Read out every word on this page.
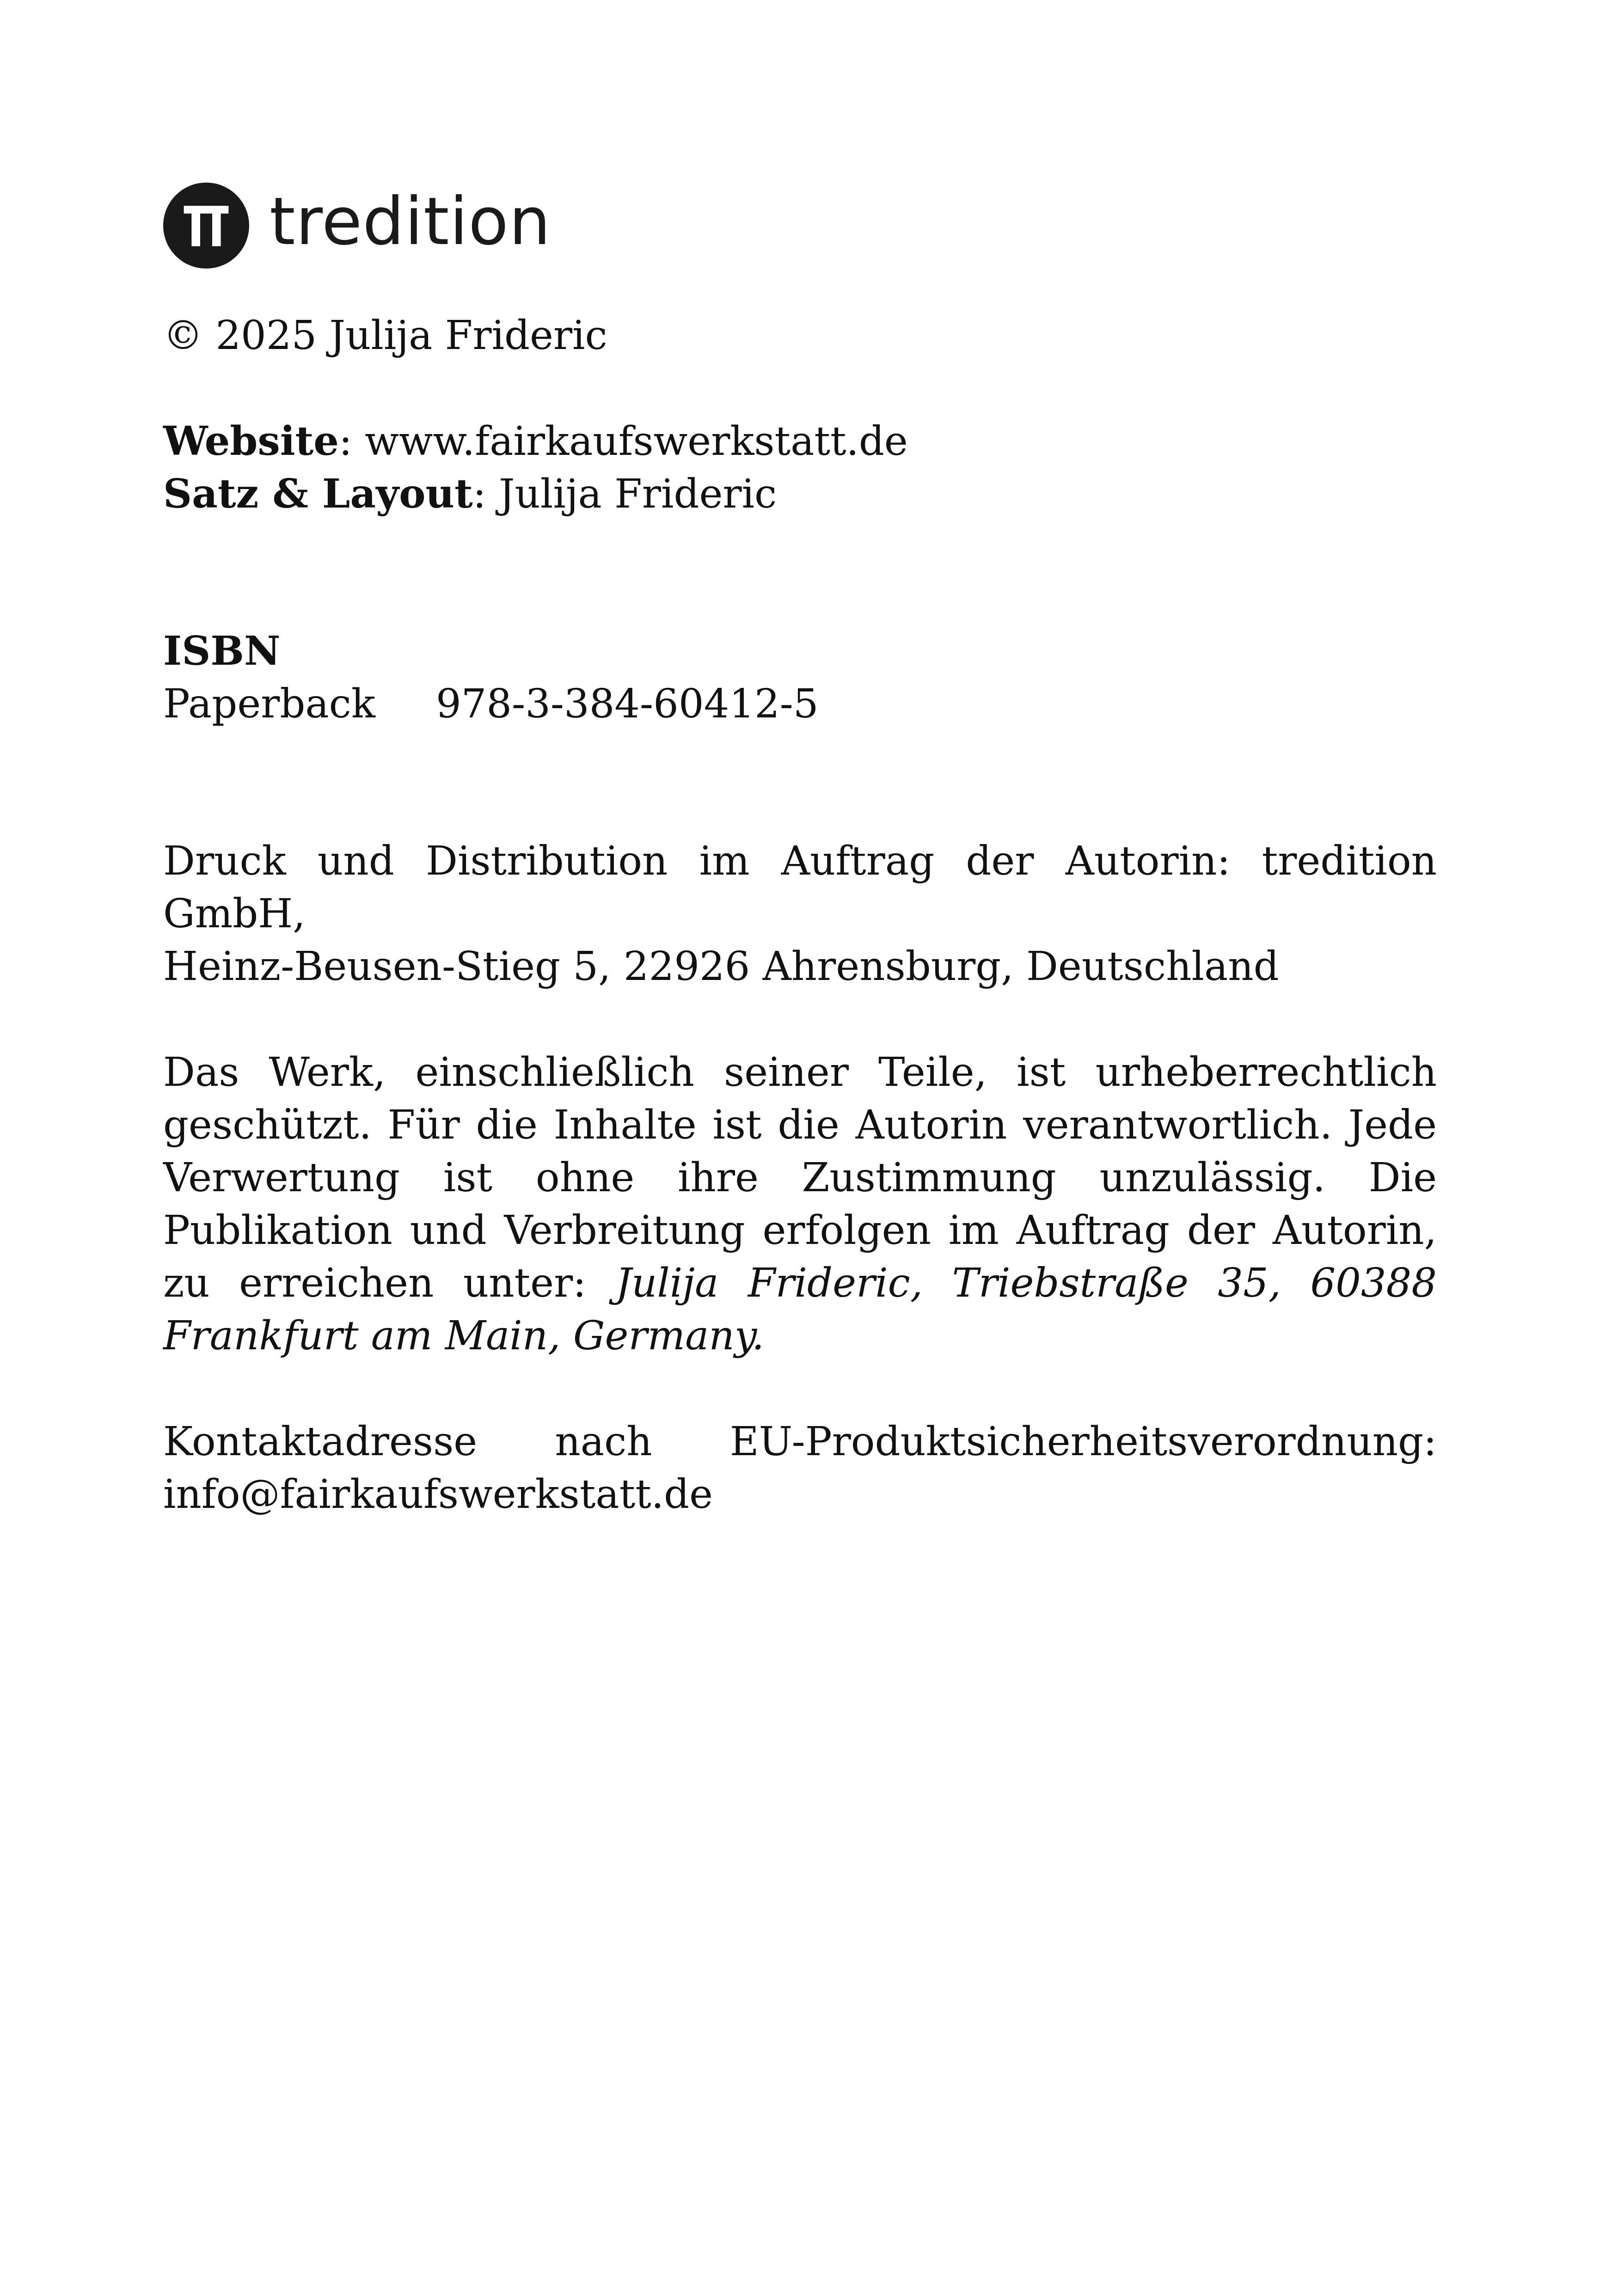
tredition
© 2025 Julija Frideric
Website: www.fairkaufswerkstatt.de
Satz & Layout: Julija Frideric
ISBN
Paperback	978-3-384-60412-5
Druck und Distribution im Auftrag der Autorin: tredition GmbH,
Heinz-Beusen-Stieg 5, 22926 Ahrensburg, Deutschland
Das Werk, einschließlich seiner Teile, ist urheberrechtlich geschützt. Für die Inhalte ist die Autorin verantwortlich. Jede Verwertung ist ohne ihre Zustimmung unzulässig. Die Publikation und Verbreitung erfolgen im Auftrag der Autorin, zu erreichen unter: Julija Frideric, Triebstraße 35, 60388 Frankfurt am Main, Germany.
Kontaktadresse nach EU-Produktsicherheitsverordnung:
info@fairkaufswerkstatt.de
